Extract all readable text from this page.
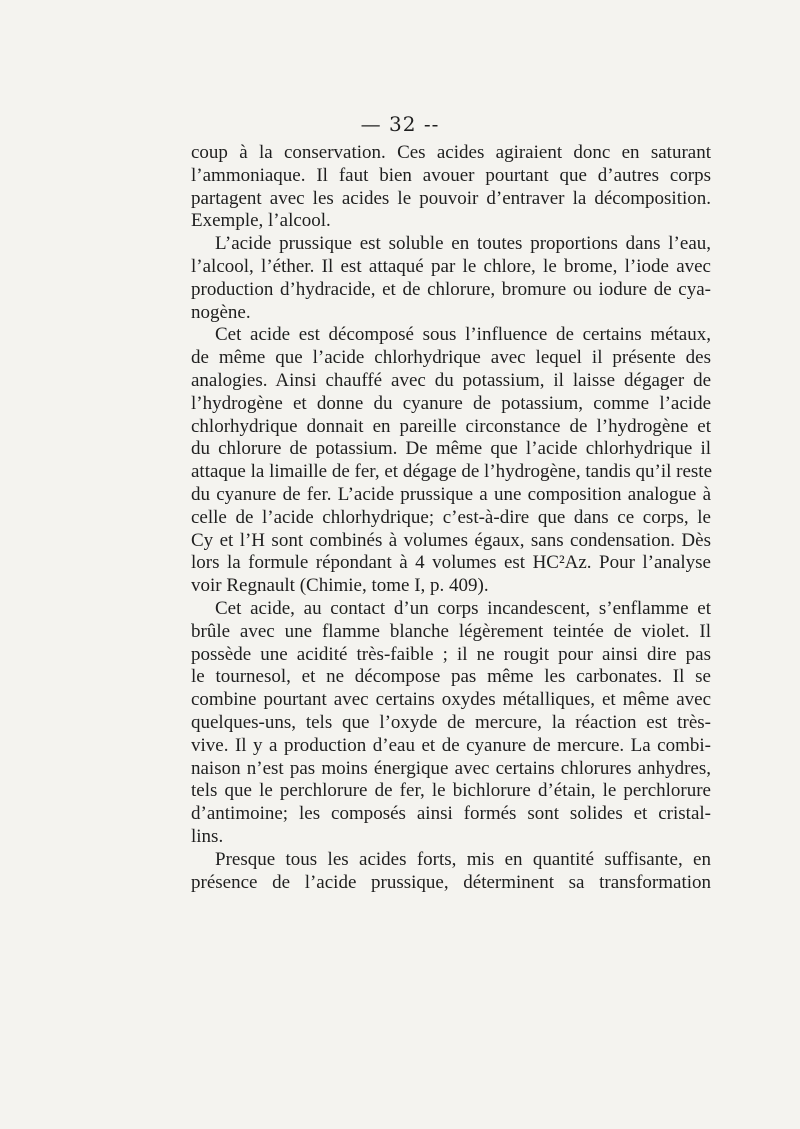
— 32 --
coup à la conservation. Ces acides agiraient donc en saturant
l’ammoniaque. Il faut bien avouer pourtant que d’autres corps
partagent avec les acides le pouvoir d’entraver la décomposition.
Exemple, l’alcool.
L’acide prussique est soluble en toutes proportions dans l’eau,
l’alcool, l’éther. Il est attaqué par le chlore, le brome, l’iode avec
production d’hydracide, et de chlorure, bromure ou iodure de cya-
nogène.
Cet acide est décomposé sous l’influence de certains métaux,
de même que l’acide chlorhydrique avec lequel il présente des
analogies. Ainsi chauffé avec du potassium, il laisse dégager de
l’hydrogène et donne du cyanure de potassium, comme l’acide
chlorhydrique donnait en pareille circonstance de l’hydrogène et
du chlorure de potassium. De même que l’acide chlorhydrique il
attaque la limaille de fer, et dégage de l’hydrogène, tandis qu’il reste
du cyanure de fer. L’acide prussique a une composition analogue à
celle de l’acide chlorhydrique; c’est-à-dire que dans ce corps, le
Cy et l’H sont combinés à volumes égaux, sans condensation. Dès
lors la formule répondant à 4 volumes est HC²Az. Pour l’analyse
voir Regnault (Chimie, tome I, p. 409).
Cet acide, au contact d’un corps incandescent, s’enflamme et
brûle avec une flamme blanche légèrement teintée de violet. Il
possède une acidité très-faible ; il ne rougit pour ainsi dire pas
le tournesol, et ne décompose pas même les carbonates. Il se
combine pourtant avec certains oxydes métalliques, et même avec
quelques-uns, tels que l’oxyde de mercure, la réaction est très-
vive. Il y a production d’eau et de cyanure de mercure. La combi-
naison n’est pas moins énergique avec certains chlorures anhydres,
tels que le perchlorure de fer, le bichlorure d’étain, le perchlorure
d’antimoine; les composés ainsi formés sont solides et cristal-
lins.
Presque tous les acides forts, mis en quantité suffisante, en
présence de l’acide prussique, déterminent sa transformation
